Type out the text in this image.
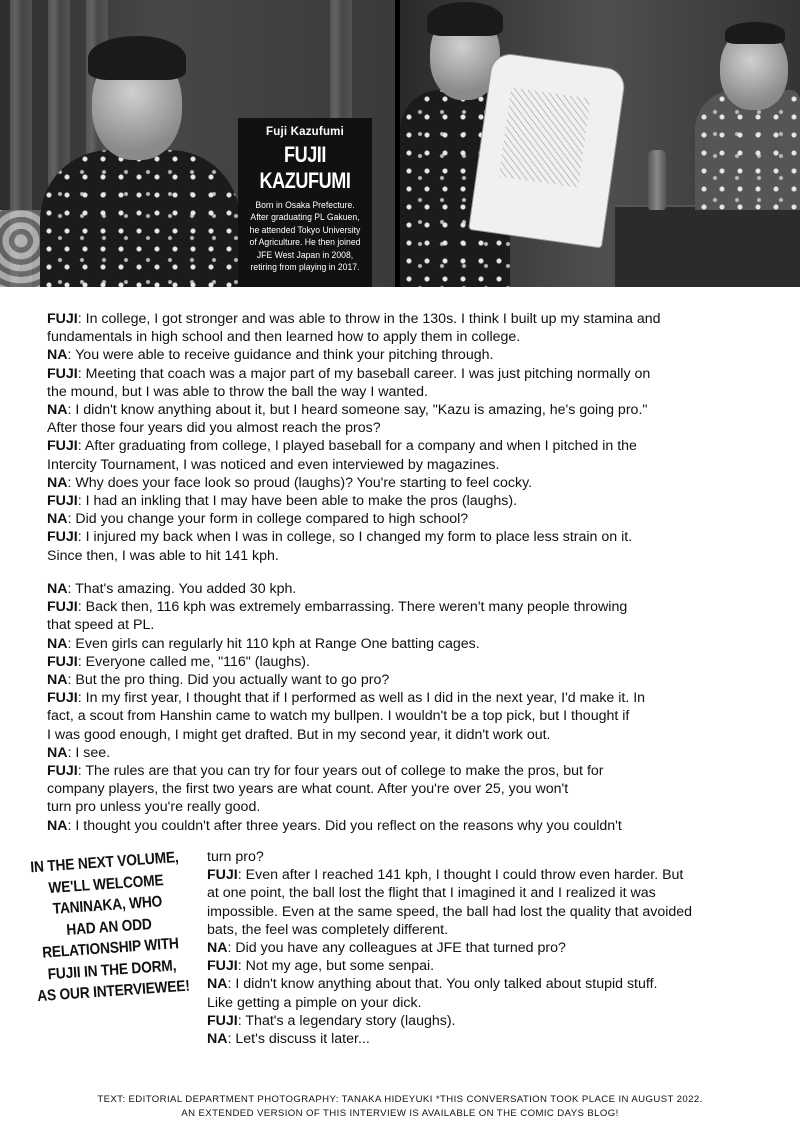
Fuji Kazufumi
FUJII KAZUFUMI
Born in Osaka Prefecture.
After graduating PL Gakuen,
he attended Tokyo University
of Agriculture. He then joined
JFE West Japan in 2008,
retiring from playing in 2017.
FUJI: In college, I got stronger and was able to throw in the 130s. I think I built up my stamina and
fundamentals in high school and then learned how to apply them in college.
NA: You were able to receive guidance and think your pitching through.
FUJI: Meeting that coach was a major part of my baseball career. I was just pitching normally on
the mound, but I was able to throw the ball the way I wanted.
NA: I didn't know anything about it, but I heard someone say, "Kazu is amazing, he's going pro."
After those four years did you almost reach the pros?
FUJI: After graduating from college, I played baseball for a company and when I pitched in the
Intercity Tournament, I was noticed and even interviewed by magazines.
NA: Why does your face look so proud (laughs)? You're starting to feel cocky.
FUJI: I had an inkling that I may have been able to make the pros (laughs).
NA: Did you change your form in college compared to high school?
FUJI: I injured my back when I was in college, so I changed my form to place less strain on it.
Since then, I was able to hit 141 kph.
NA: That's amazing. You added 30 kph.
FUJI: Back then, 116 kph was extremely embarrassing. There weren't many people throwing
that speed at PL.
NA: Even girls can regularly hit 110 kph at Range One batting cages.
FUJI: Everyone called me, "116" (laughs).
NA: But the pro thing. Did you actually want to go pro?
FUJI: In my first year, I thought that if I performed as well as I did in the next year, I'd make it. In
fact, a scout from Hanshin came to watch my bullpen. I wouldn't be a top pick, but I thought if
I was good enough, I might get drafted. But in my second year, it didn't work out.
NA: I see.
FUJI: The rules are that you can try for four years out of college to make the pros, but for
company players, the first two years are what count. After you're over 25, you won't
turn pro unless you're really good.
NA: I thought you couldn't after three years. Did you reflect on the reasons why you couldn't
turn pro?
FUJI: Even after I reached 141 kph, I thought I could throw even harder. But
at one point, the ball lost the flight that I imagined it and I realized it was
impossible. Even at the same speed, the ball had lost the quality that avoided
bats, the feel was completely different.
NA: Did you have any colleagues at JFE that turned pro?
FUJI: Not my age, but some senpai.
NA: I didn't know anything about that. You only talked about stupid stuff.
Like getting a pimple on your dick.
FUJI: That's a legendary story (laughs).
NA: Let's discuss it later...
IN THE NEXT VOLUME,
WE'LL WELCOME
TANINAKA, WHO
HAD AN ODD
RELATIONSHIP WITH
FUJII IN THE DORM,
AS OUR INTERVIEWEE!
TEXT: EDITORIAL DEPARTMENT PHOTOGRAPHY: TANAKA HIDEYUKI *THIS CONVERSATION TOOK PLACE IN AUGUST 2022.
AN EXTENDED VERSION OF THIS INTERVIEW IS AVAILABLE ON THE COMIC DAYS BLOG!
